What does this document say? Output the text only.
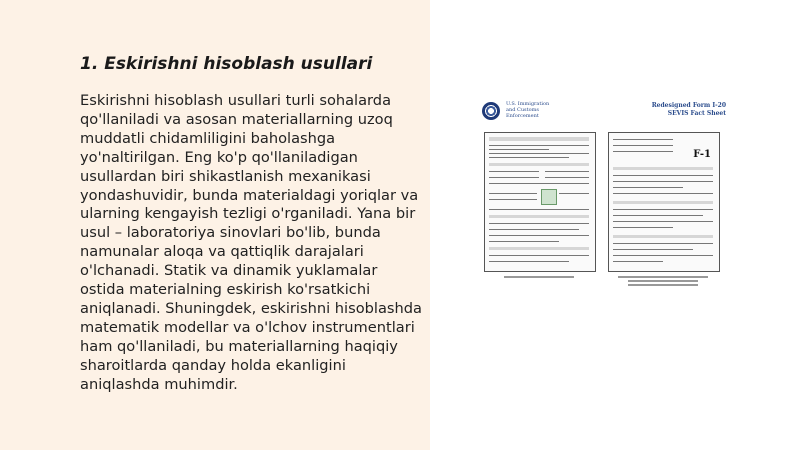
1. Eskirishni hisoblash usullari

Eskirishni hisoblash usullari turli sohalarda qo'llaniladi va asosan materiallarning uzoq muddatli chidamliligini baholashga yo'naltirilgan. Eng ko'p qo'llaniladigan usullardan biri shikastlanish mexanikasi yondashuvidir, bunda materialdagi yoriqlar va ularning kengayish tezligi o'rganiladi. Yana bir usul – laboratoriya sinovlari bo'lib, bunda namunalar aloqa va qattiqlik darajalari o'lchanadi. Statik va dinamik yuklamalar ostida materialning eskirish ko'rsatkichi aniqlanadi. Shuningdek, eskirishni hisoblashda matematik modellar va o'lchov instrumentlari ham qo'llaniladi, bu materiallarning haqiqiy sharoitlarda qanday holda ekanligini aniqlashda muhimdir.

U.S. Immigration
and Customs
Enforcement
Redesigned Form I-20
SEVIS Fact Sheet
F-1
